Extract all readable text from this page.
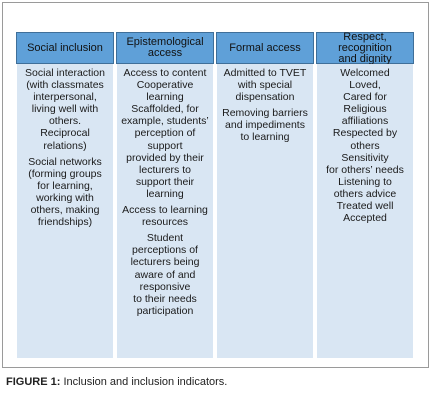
Social inclusion	Epistemological
access	Formal access
Respect,
recognition
and dignity
Social interaction
(with classmates
interpersonal,
living well with
others.
Reciprocal
relations)
Social networks
(forming groups
for learning,
working with
others, making
friendships)
Access to content
Cooperative
learning
Scaffolded, for
example, students’
perception of
support
provided by their
lecturers to
support their
learning
Access to learning
resources
Student
perceptions of
lecturers being
aware of and
responsive
to their needs
participation
Admitted to TVET
with special
dispensation
Removing barriers
and impediments
to learning
Welcomed
Loved,
Cared for
Religious
affiliations
Respected by
others
Sensitivity
for others’ needs
Listening to
others advice
Treated well
Accepted
FIGURE 1: Inclusion and inclusion indicators.
